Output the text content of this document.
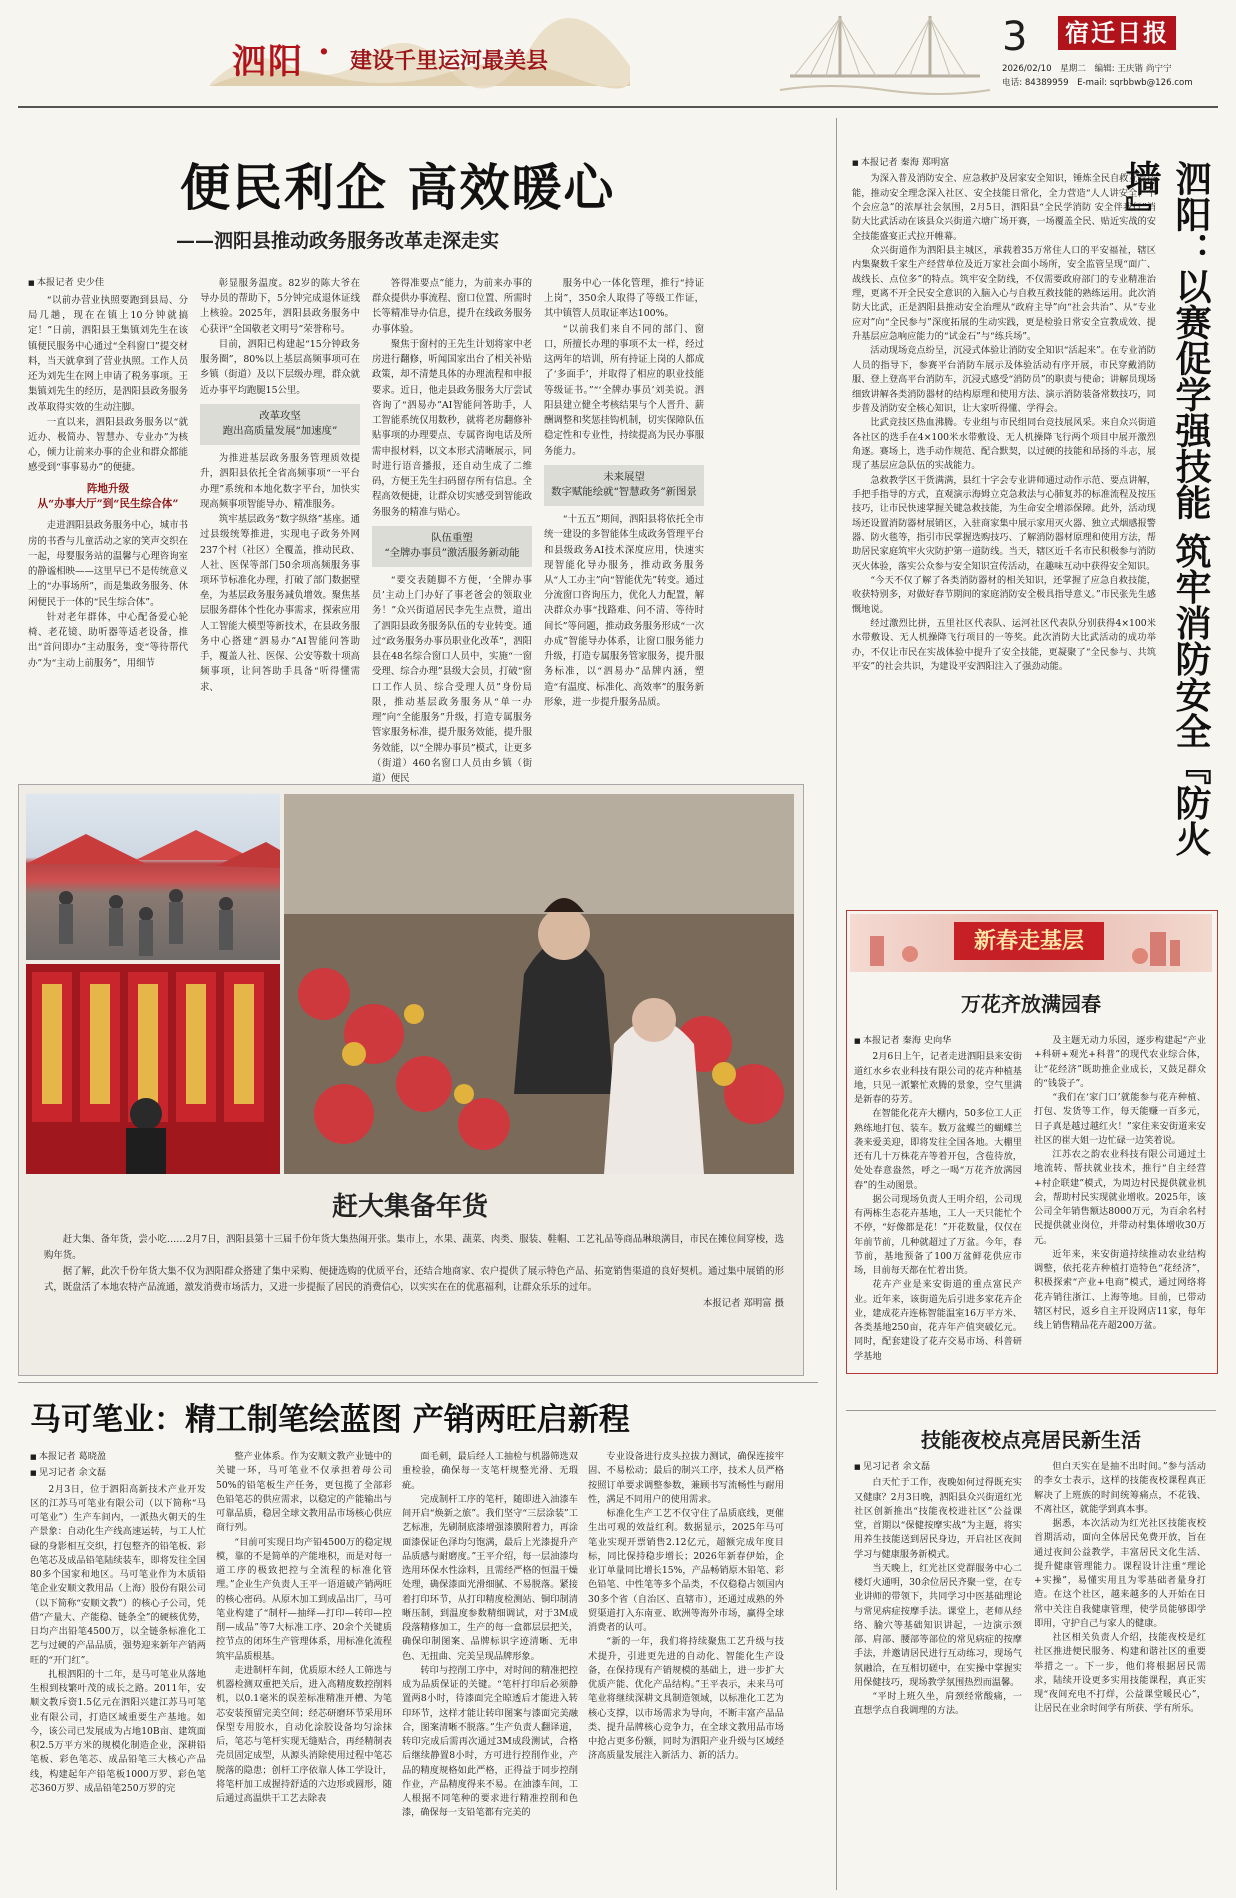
泗阳 · 建设千里运河最美县
3 宿迁日报
2026/02/10　星期二　编辑: 王庆锴 尚宁宁
电话: 84389959　E-mail: sqrbbwb@126.com
便民利企 高效暖心
——泗阳县推动政务服务改革走深走实
■ 本报记者 史少佳

“以前办营业执照要跑到县局、分局几趟，现在在镇上10分钟就搞定！”日前，泗阳县王集镇刘先生在该镇便民服务中心通过“全科窗口”提交材料，当天就拿到了营业执照。工作人员还为刘先生在网上申请了税务事项。王集镇刘先生的经历，是泗阳县政务服务改革取得实效的生动注脚。

一直以来，泗阳县政务服务以“就近办、极简办、智慧办、专业办”为核心，倾力让前来办事的企业和群众都能感受到“事事易办”的便捷。

阵地升级
从“办事大厅”到“民生综合体”

走进泗阳县政务服务中心，城市书房的书香与儿童活动之家的笑声交织在一起，母婴服务站的温馨与心理咨询室的静谧相映——这里早已不是传统意义上的“办事场所”，而是集政务服务、休闲便民于一体的“民生综合体”。

针对老年群体，中心配备爱心轮椅、老花镜、助听器等适老设备，推出“首问即办”主动服务，变“等待帮代办”为“主动上前服务”，用细节

彰显服务温度。82岁的陈大爷在导办员的帮助下，5分钟完成退休证线上核验。2025年，泗阳县政务服务中心获评“全国敬老文明号”荣誉称号。

目前，泗阳已构建起“15分钟政务服务圈”，80%以上基层高频事项可在乡镇（街道）及以下层级办理，群众就近办事平均跑腿15公里。

改革攻坚
跑出高质量发展“加速度”

为推进基层政务服务管理质效提升，泗阳县依托全省高频事项“一平台办理”系统和本地化数字平台，加快实现高频事项智能导办、精准服务。

筑牢基层政务“数字纵络”基座。通过县级统筹推进，实现电子政务外网237个村（社区）全覆盖，推动民政、人社、医保等部门50余项高频服务事项环节标准化办理，打破了部门数据壁垒，为基层政务服务减负增效。聚焦基层服务群体个性化办事需求，探索应用人工智能大模型等新技术，在县政务服务中心搭建“泗易办”AI智能问答助手，覆盖人社、医保、公安等数十项高频事项，让问答助手具备“听得懂需求、

答得准要点”能力，为前来办事的群众提供办事流程、窗口位置、所需时长等精准导办信息，提升在线政务服务办事体验。

聚焦于窗村的王先生计划将家中老房进行翻修，听闻国家出台了相关补贴政策，却不清楚具体的办理流程和申报要求。近日，他走县政务服务大厅尝试咨询了“泗易办”AI智能问答助手，人工智能系统仅用数秒，就将老房翻修补贴事项的办理要点、专属咨询电话及所需申报材料，以文本形式清晰展示，同时进行语音播报，还自动生成了二维码，方便王先生扫码留存所有信息。全程高效便捷，让群众切实感受到智能政务服务的精准与贴心。

队伍重塑
“全牌办事员”激活服务新动能

“要交表随脚不方便，‘全牌办事员’主动上门办好了事老爸会的领取业务！”众兴街道居民李先生点赞，道出了泗阳县政务服务队伍的专业转变。通过“政务服务办事员职业化改革”，泗阳县在48名综合窗口人员中，实施“一窗受理、综合办理”县级大会员，打破“窗口工作人员、综合受理人员”身份局限，推动基层政务服务从“单一办理”向“全能服务”升级，打造专属服务管家服务标准，提升服务效能，提升服务效能，以“全牌办事员”模式，让更多（街道）460名窗口人员由乡镇（街道）便民

服务中心一体化管理，推行“持证上岗”，350余人取得了等级工作证，其中镇管人员取证率达100%。

“以前我们来自不同的部门、窗口，所擅长办理的事项不太一样，经过这两年的培训，所有持证上岗的人都成了‘多面手’，并取得了相应的职业技能等级证书。”“‘全牌办事员’刘美说。泗阳县建立健全考核结果与个人晋升、薪酬调整和奖惩挂钩机制，切实保障队伍稳定性和专业性，持续提高为民办事服务能力。

未来展望
数字赋能绘就“智慧政务”新图景

“十五五”期间，泗阳县将依托全市统一建设的多智能体生成政务管理平台和县级政务AI技术深度应用，快速实现智能化导办服务，推动政务服务从“人工办主”向“智能优先”转变。通过分流窗口咨询压力，优化人力配置，解决群众办事“找路难、问不清、等待时间长”等问题，推动政务服务形成“一次办成”智能导办体系，让窗口服务能力升级，打造专属服务管家服务，提升服务标准，以“泗易办”品牌内涵，塑造“有温度、标准化、高效率”的服务新形象，进一步提升服务品质。

■ 本报记者 秦海 郑明富

为深入普及消防安全、应急救护及居家安全知识，锤炼全民自救互救技能，推动安全理念深入社区、安全技能日常化，全力营造“人人讲安全、个个会应急”的浓厚社会氛围，2月5日，泗阳县“全民学消防 安全伴我行”消防大比武活动在该县众兴街道六塘广场开赛，一场覆盖全民、贴近实战的安全技能盛宴正式拉开帷幕。

众兴街道作为泗阳县主城区，承载着35万常住人口的平安福祉，辖区内集聚数千家生产经营单位及近万家社会面小场所，安全监管呈现“面广、战线长、点位多”的特点。筑牢安全防线，不仅需要政府部门的专业精准治理，更离不开全民安全意识的入脑入心与自救互救技能的熟练运用。此次消防大比武，正是泗阳县推动安全治理从“政府主导”向“社会共治”、从“专业应对”向“全民参与”深度拓展的生动实践，更是检验日常安全宣教成效、提升基层应急响应能力的“试金石”与“练兵场”。

活动现场竞点纷呈，沉浸式体验让消防安全知识“活起来”。在专业消防人员的指导下，参赛平台消防车展示及体验活动有序开展，市民穿戴消防服、登上登高平台消防车，沉浸式感受“消防员”的职责与使命；讲解员现场细致讲解各类消防器材的结构原理和使用方法、演示消防装备常数技巧，同步普及消防安全核心知识，让大家听得懂、学得会。

比武竞技区热血沸腾。专业组与市民组同台竞技展风采。来自众兴街道各社区的选手在4×100米水带敷设、无人机操降飞行两个项目中展开激烈角逐。赛场上，选手动作规范、配合默契，以过硬的技能和昂扬的斗志，展现了基层应急队伍的实战能力。

急救教学区干货满满，县红十字会专业讲师通过动作示范、要点讲解，手把手指导的方式，直观演示海姆立克急救法与心肺复苏的标准流程及按压技巧，让市民快速掌握关键急救技能，为生命安全增添保障。此外，活动现场还设置消防器材展销区，入驻商家集中展示家用灭火器、独立式烟感报警器、防火毯等，指引市民掌握选购技巧、了解消防器材原理和使用方法，帮助居民家庭筑牢火灾防护第一道防线。当天，辖区近千名市民积极参与消防灭火体验，落实公众参与安全知识宣传活动，在趣味互动中获得安全知识。

“今天不仅了解了各类消防器材的相关知识，还掌握了应急自救技能，收获特别多，对做好春节期间的家庭消防安全极具指导意义。”市民张先生感慨地说。

经过激烈比拼，五里社区代表队、运河社区代表队分别获得4×100米水带敷设、无人机操降飞行项目的一等奖。此次消防大比武活动的成功举办，不仅让市民在实战体验中提升了安全技能，更凝聚了“全民参与、共筑平安”的社会共识，为建设平安泗阳注入了强劲动能。	泗阳：以赛促学强技能 筑牢消防安全『防火墙』
赶大集备年货

赶大集、备年货，尝小吃……2月7日，泗阳县第十三届千份年货大集热闹开张。集市上，水果、蔬菜、肉类、服装、鞋帽、工艺礼品等商品琳琅满目，市民在摊位间穿梭，选购年货。

据了解，此次千份年货大集不仅为泗阳群众搭建了集中采购、便捷选购的优质平台，还结合地商家、农户提供了展示特色产品、拓宽销售渠道的良好契机。通过集中展销的形式，既盘活了本地农特产品流通，激发消费市场活力，又进一步提振了居民的消费信心，以实实在在的优惠福利，让群众乐乐的过年。

本报记者 郑明富 摄
新春走基层
万花齐放满园春
■ 本报记者 秦海 史向华

2月6日上午，记者走进泗阳县来安街道红水乡农业科技有限公司的花卉种植基地，只见一派繁忙欢腾的景象，空气里满是新春的芬芳。

在智能化花卉大棚内，50多位工人正熟练地打包、装车。数万盆蝶兰的蝴蝶兰袭来爱美迎，即将发往全国各地。大棚里还有几十万株花卉等着开包，含苞待放，处处春意盎然，呼之一喝“万花齐放满园春”的生动图景。

据公司现场负责人王明介绍，公司现有两栋生态花卉基地，工人一天只能忙个不停，“好像都是花！”开花数量，仅仅在年前节前，几种就超过了万盆。今年，春节前，基地预备了100万盆鲜花供应市场，目前每天都在忙着出货。

花卉产业是来安街道的重点富民产业。近年来，该街道先后引进多家花卉企业，建成花卉连栋智能温室16万平方米、各类基地250亩，花卉年产值突破亿元。同时，配套建设了花卉交易市场、科普研学基地

及主题无动力乐园，逐步构建起“产业+科研+观光+科普”的现代农业综合体，让“花经济”既助推企业成长，又鼓足群众的“钱袋子”。

“我们在‘家门口’就能参与花卉种植、打包、发货等工作，每天能赚一百多元，日子真是越过越红火！”家住来安街道来安社区的崔大姐一边忙碌一边笑着说。

江苏农之韵农业科技有限公司通过土地流转、帮扶就业技术，推行“自主经营+村企联建”模式，为周边村民提供就业机会，帮助村民实现就业增收。2025年，该公司全年销售额达8000万元，为百余名村民提供就业岗位，并带动村集体增收30万元。

近年来，来安街道持续推动农业结构调整，依托花卉种植打造特色“花经济”，积极探索“产业+电商”模式，通过网络将花卉销往浙江、上海等地。目前，已带动辖区村民，返乡自主开设网店11家，每年线上销售精品花卉超200万盆。

技能夜校点亮居民新生活
■ 见习记者 余文磊

白天忙于工作，夜晚如何过得既充实又健康？2月3日晚，泗阳县众兴街道红光社区创新推出“技能夜校进社区”公益课堂，首期以“保健按摩实战”为主题，将实用养生技能送到居民身边，开启社区夜间学习与健康服务新模式。

当天晚上，红光社区党群服务中心二楼灯火通明，30余位居民齐聚一堂，在专业讲师的带领下，共同学习中医基础理论与常见病症按摩手法。课堂上，老师从经络、腧穴等基础知识讲起，一边演示颈部、肩部、腰部等部位的常见病症的按摩手法，并邀请居民进行互动练习，现场气氛融洽，在互相切磋中，在实操中掌握实用保健技巧，现场教学氛围热烈而温馨。

“平时上班久坐，肩颈经常酸痛，一直想学点自我调理的方法。

但白天实在是抽不出时间。”参与活动的李女士表示，这样的技能夜校课程真正解决了上班族的时间统筹痛点，不花钱、不离社区，就能学到真本事。

据悉，本次活动为红光社区技能夜校首期活动，面向全体居民免费开放，旨在通过夜间公益教学，丰富居民文化生活、提升健康管理能力。课程设计注重“理论+实操”，易懂实用且为零基础者量身打造。在这个社区，越来越多的人开始在日常中关注自我健康管理，使学员能够即学即用，守护自己与家人的健康。

社区相关负责人介绍，技能夜校是红社区推进便民服务、构建和谐社区的重要举措之一。下一步，他们将根据居民需求，陆续开设更多实用技能课程，真正实现“夜间充电不打烊，公益课堂暖民心”，让居民在业余时间学有所获、学有所乐。

马可笔业：精工制笔绘蓝图 产销两旺启新程
■ 本报记者 葛晓盈
■ 见习记者 余文磊

2月3日，位于泗阳高新技术产业开发区的江苏马可笔业有限公司（以下简称“马可笔业”）生产车间内，一派热火朝天的生产景象：自动化生产线高速运转，与工人忙碌的身影相互交织，打包整齐的铅笔板、彩色笔芯及成品铅笔陆续装车，即将发往全国80多个国家和地区。马可笔业作为木质铅笔企业安顺文教用品（上海）股份有限公司（以下简称“安顺文教”）的核心子公司，凭借“产量大、产能稳、链条全”的硬核优势，日均产出铅笔4500万，以全链条标准化工艺与过硬的产品品质，强势迎来新年产销两旺的“开门红”。

扎根泗阳的十二年，是马可笔业从落地生根到枝繁叶茂的成长之路。2011年，安顺文教斥资1.5亿元在泗阳兴建江苏马可笔业有限公司，打造区域重要生产基地。如今，该公司已发展成为占地10B亩、建筑面积2.5万平方米的规模化制造企业，深耕铅笔板、彩色笔芯、成品铅笔三大核心产品线，构建起年产铅笔板1000万罗、彩色笔芯360万罗、成品铅笔250万罗的完

整产业体系。作为安顺文教产业链中的关键一环，马可笔业不仅承担着母公司50%的铅笔板生产任务，更包揽了全部彩色铅笔芯的供应需求，以稳定的产能输出与可靠品质，稳居全球文教用品市场核心供应商行列。

“目前可实现日均产铅4500万的稳定规模，靠的不是简单的产能堆积，而是对每一道工序的极致把控与全流程的标准化管理。”企业生产负责人王平一语道破产销两旺的核心密码。从原木加工到成品出厂，马可笔业构建了“制杆—抽绎—打印—转印—控削—成品”等7大标准工序、20余个关键质控节点的闭环生产管理体系，用标准化流程筑牢品质根基。

走进制杆车间，优质原木经人工筛选与机器检测双重把关后，进入高精度数控削料机，以0.1毫米的误差标准精准开槽、为笔芯安装预留完美空间；经芯研磨环节采用环保型专用胶水，自动化涂胶设备均匀涂抹后，笔芯与笔杆实现无缝贴合，再经精制表壳员固定成型，从源头消除使用过程中笔芯脱落的隐患；创杆工序依靠人体工学设计，将笔杆加工成握持舒适的六边形或圆形，随后通过高温烘干工艺去除表

面毛刺，最后经人工抽检与机器筛选双重检验，确保每一支笔杆规整光滑、无瑕疵。

完成制杆工序的笔杆，随即进入油漆车间开启“焕新之旅”。我们坚守“三层涂装”工艺标准，先刷制底漆增强漆膜附着力，再涂面漆保证色泽均匀饱满，最后上光漆提升产品质感与耐磨度。”王平介绍，每一层油漆均选用环保水性涂料，且需经严格的恒温干燥处理，确保漆面光滑细腻、不易脱落。紧接着打印环节，从打印精度检测站、铜印制清晰压制，到温度参数精细调试，对于3M成段落精修加工，生产的每一盒都层层把关，确保印制图案、品牌标识字迹清晰、无串色、无扭曲、完美呈现品牌形象。

转印与控削工序中，对时间的精准把控成为品质保证的关键。“笔杆打印后必须静置两8小时，待漆面完全晾透后才能进入转印环节，这样才能让转印图案与漆面完美融合，图案清晰不脱落。”生产负责人翻译道，转印完成后需再次通过3M成段测试，合格后继续静置8小时，方可进行控削作业，产品的精度规格如此严格，正得益于同步控削作业，产品精度得来不易。在油漆车间，工人根据不同笔种的要求进行精准控削和色漆，确保每一支铅笔都有完美的

专业设备进行皮头拉拔力测试，确保连接牢固、不易松动；最后的制兴工序，技术人员严格按照订单要求调整参数，兼顾书写流畅性与耐用性，满足不同用户的使用需求。

标准化生产工艺不仅守住了品质底线，更催生出可观的效益红利。数据显示，2025年马可笔业实现开票销售2.12亿元，超额完成年度目标，同比保持稳步增长；2026年新春伊始，企业订单量同比增长15%，产品畅销原木铅笔、彩色铅笔、中性笔等多个品类，不仅稳稳占领国内30多个省（自治区、直辖市），还通过成熟的外贸渠道打入东南亚、欧洲等海外市场，赢得全球消费者的认可。

“新的一年，我们将持续聚焦工艺升级与技术提升，引进更先进的自动化、智能化生产设备，在保持现有产销规模的基础上，进一步扩大优质产能、优化产品结构。”王平表示，未来马可笔业将继续深耕文具制造领域，以标准化工艺为核心支撑，以市场需求为导向，不断丰富产品品类、提升品牌核心竞争力，在全球文教用品市场中抢占更多份额，同时为泗阳产业升级与区域经济高质量发展注入新活力、新的活力。
